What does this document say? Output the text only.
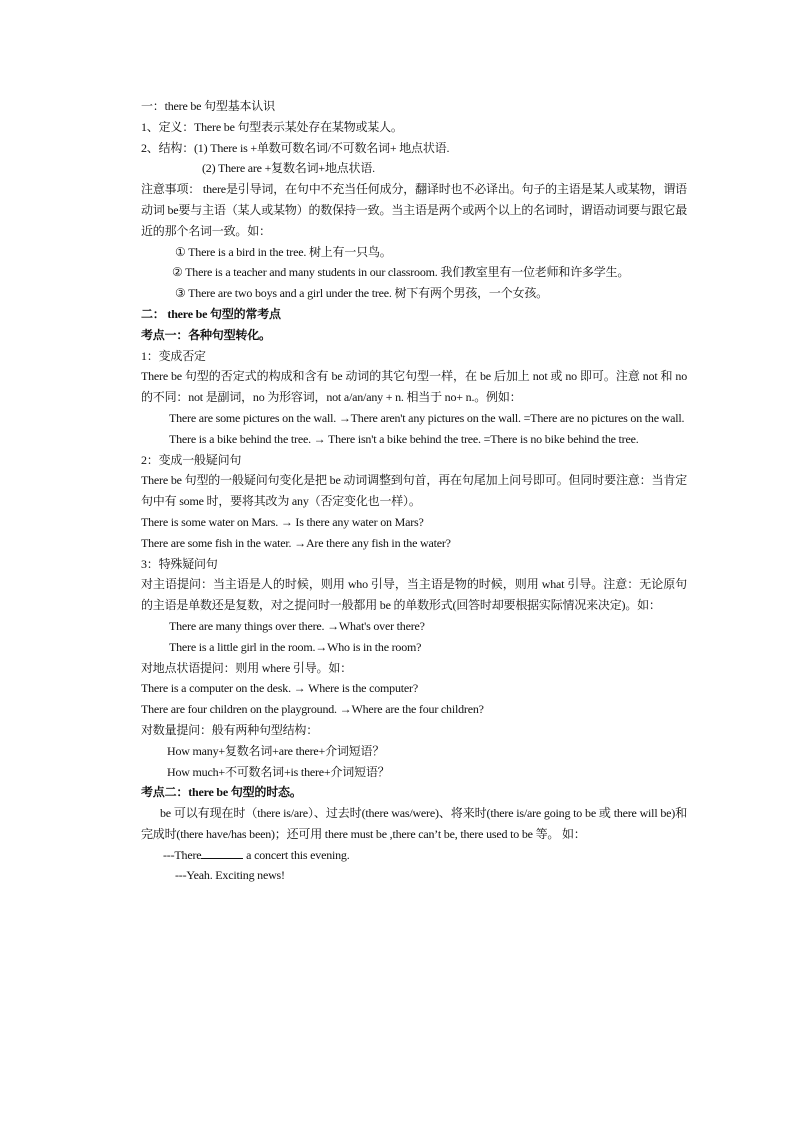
一：there be 句型基本认识
1、定义：There be 句型表示某处存在某物或某人。
2、结构：(1) There is +单数可数名词/不可数名词+ 地点状语.
(2) There are +复数名词+地点状语.
注意事项： there是引导词，在句中不充当任何成分，翻译时也不必译出。句子的主语是某人或某物，谓语动词 be要与主语（某人或某物）的数保持一致。当主语是两个或两个以上的名词时，谓语动词要与跟它最近的那个名词一致。如：
① There is a bird in the tree. 树上有一只鸟。
② There is a teacher and many students in our classroom. 我们教室里有一位老师和许多学生。
③ There are two boys and a girl under the tree. 树下有两个男孩，一个女孩。
二： there be 句型的常考点
考点一：各种句型转化。
1：变成否定
There be 句型的否定式的构成和含有 be 动词的其它句型一样，在 be 后加上 not 或 no 即可。注意 not 和 no 的不同：not 是副词，no 为形容词，not a/an/any + n. 相当于 no+ n.。例如：
There are some pictures on the wall. →There aren't any pictures on the wall. =There are no pictures on the wall.
There is a bike behind the tree. → There isn't a bike behind the tree. =There is no bike behind the tree.
2：变成一般疑问句
There be 句型的一般疑问句变化是把 be 动词调整到句首，再在句尾加上问号即可。但同时要注意：当肯定句中有 some 时，要将其改为 any（否定变化也一样）。
There is some water on Mars. → Is there any water on Mars?
There are some fish in the water. →Are there any fish in the water?
3：特殊疑问句
对主语提问：当主语是人的时候，则用 who 引导，当主语是物的时候，则用 what 引导。注意：无论原句的主语是单数还是复数，对之提问时一般都用 be 的单数形式(回答时却要根据实际情况来决定)。如：
There are many things over there. →What's over there?
There is a little girl in the room.→Who is in the room?
对地点状语提问：则用 where 引导。如：
There is a computer on the desk. → Where is the computer?
There are four children on the playground. →Where are the four children?
对数量提问：般有两种句型结构：
How many+复数名词+are there+介词短语？
How much+不可数名词+is there+介词短语？
考点二：there be 句型的时态。
be 可以有现在时（there is/are）、过去时(there was/were)、将来时(there is/are going to be 或 there will be)和完成时(there have/has been)；还可用 there must be ,there can’t be, there used to be 等。 如：
---There	a concert this evening.
---Yeah. Exciting news!
